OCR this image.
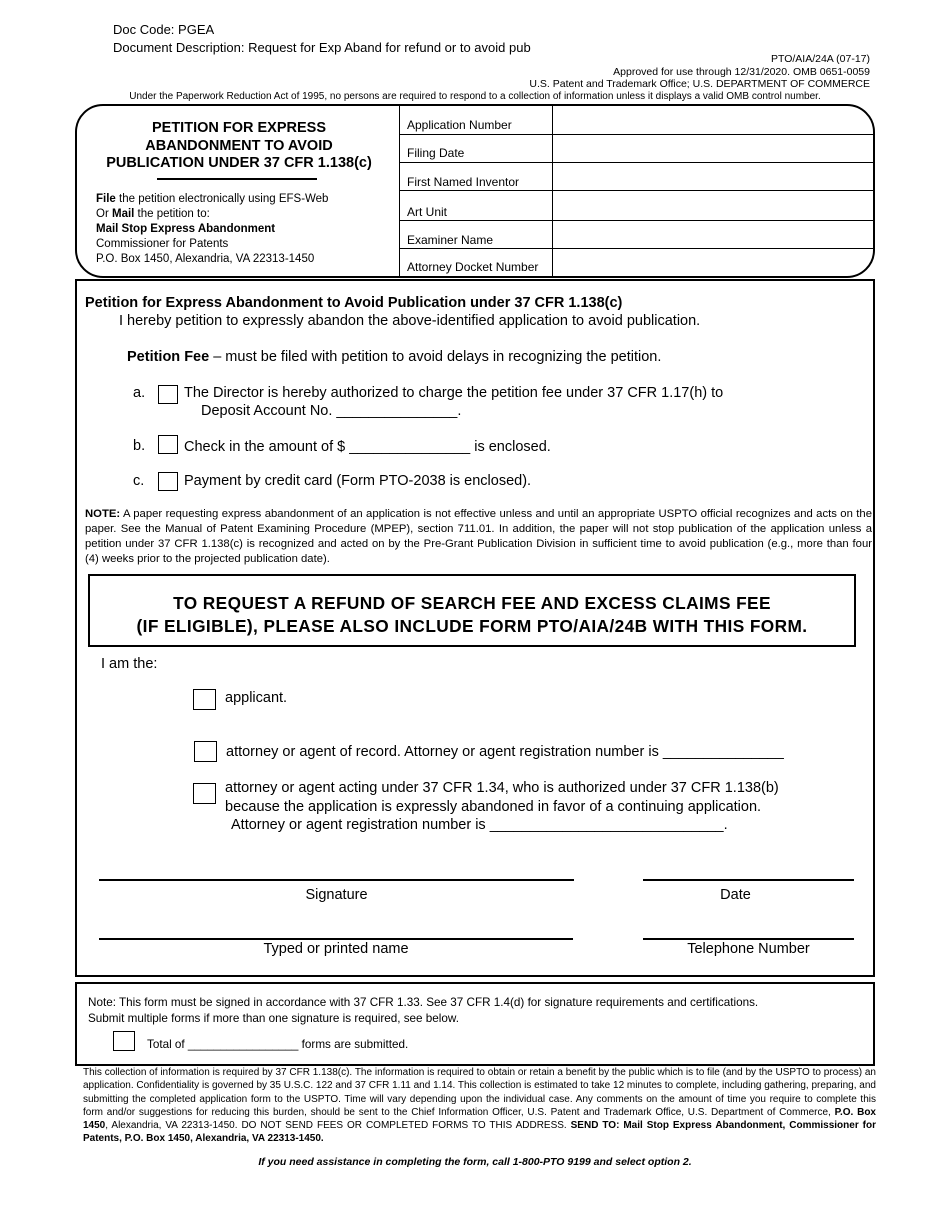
Doc Code: PGEA
Document Description: Request for Exp Aband for refund or to avoid pub
PTO/AIA/24A (07-17)
Approved for use through 12/31/2020. OMB 0651-0059
U.S. Patent and Trademark Office; U.S. DEPARTMENT OF COMMERCE
Under the Paperwork Reduction Act of 1995, no persons are required to respond to a collection of information unless it displays a valid OMB control number.
PETITION FOR EXPRESS
ABANDONMENT TO AVOID
PUBLICATION UNDER 37 CFR 1.138(c)
File the petition electronically using EFS-Web
Or Mail the petition to:
Mail Stop Express Abandonment
Commissioner for Patents
P.O. Box 1450, Alexandria, VA 22313-1450
Application Number
Filing Date
First Named Inventor
Art Unit
Examiner Name
Attorney Docket Number
Petition for Express Abandonment to Avoid Publication under 37 CFR 1.138(c)
I hereby petition to expressly abandon the above-identified application to avoid publication.
Petition Fee – must be filed with petition to avoid delays in recognizing the petition.
a.	The Director is hereby authorized to charge the petition fee under 37 CFR 1.17(h) to
Deposit Account No. _______________.
b.	Check in the amount of $ _______________ is enclosed.
c.	Payment by credit card (Form PTO-2038 is enclosed).
NOTE: A paper requesting express abandonment of an application is not effective unless and until an appropriate USPTO official recognizes and acts on the paper. See the Manual of Patent Examining Procedure (MPEP), section 711.01. In addition, the paper will not stop publication of the application unless a petition under 37 CFR 1.138(c) is recognized and acted on by the Pre-Grant Publication Division in sufficient time to avoid publication (e.g., more than four (4) weeks prior to the projected publication date).
TO REQUEST A REFUND OF SEARCH FEE AND EXCESS CLAIMS FEE
(IF ELIGIBLE), PLEASE ALSO INCLUDE FORM PTO/AIA/24B WITH THIS FORM.
I am the:
applicant.
attorney or agent of record. Attorney or agent registration number is _______________
attorney or agent acting under 37 CFR 1.34, who is authorized under 37 CFR 1.138(b)
because the application is expressly abandoned in favor of a continuing application.
Attorney or agent registration number is _____________________________.
Signature	Date
Typed or printed name	Telephone Number
Note: This form must be signed in accordance with 37 CFR 1.33. See 37 CFR 1.4(d) for signature requirements and certifications.
Submit multiple forms if more than one signature is required, see below.
Total of _________________ forms are submitted.
This collection of information is required by 37 CFR 1.138(c). The information is required to obtain or retain a benefit by the public which is to file (and by the USPTO to process) an application. Confidentiality is governed by 35 U.S.C. 122 and 37 CFR 1.11 and 1.14. This collection is estimated to take 12 minutes to complete, including gathering, preparing, and submitting the completed application form to the USPTO. Time will vary depending upon the individual case. Any comments on the amount of time you require to complete this form and/or suggestions for reducing this burden, should be sent to the Chief Information Officer, U.S. Patent and Trademark Office, U.S. Department of Commerce, P.O. Box 1450, Alexandria, VA 22313-1450. DO NOT SEND FEES OR COMPLETED FORMS TO THIS ADDRESS. SEND TO: Mail Stop Express Abandonment, Commissioner for Patents, P.O. Box 1450, Alexandria, VA 22313-1450.
If you need assistance in completing the form, call 1-800-PTO 9199 and select option 2.
